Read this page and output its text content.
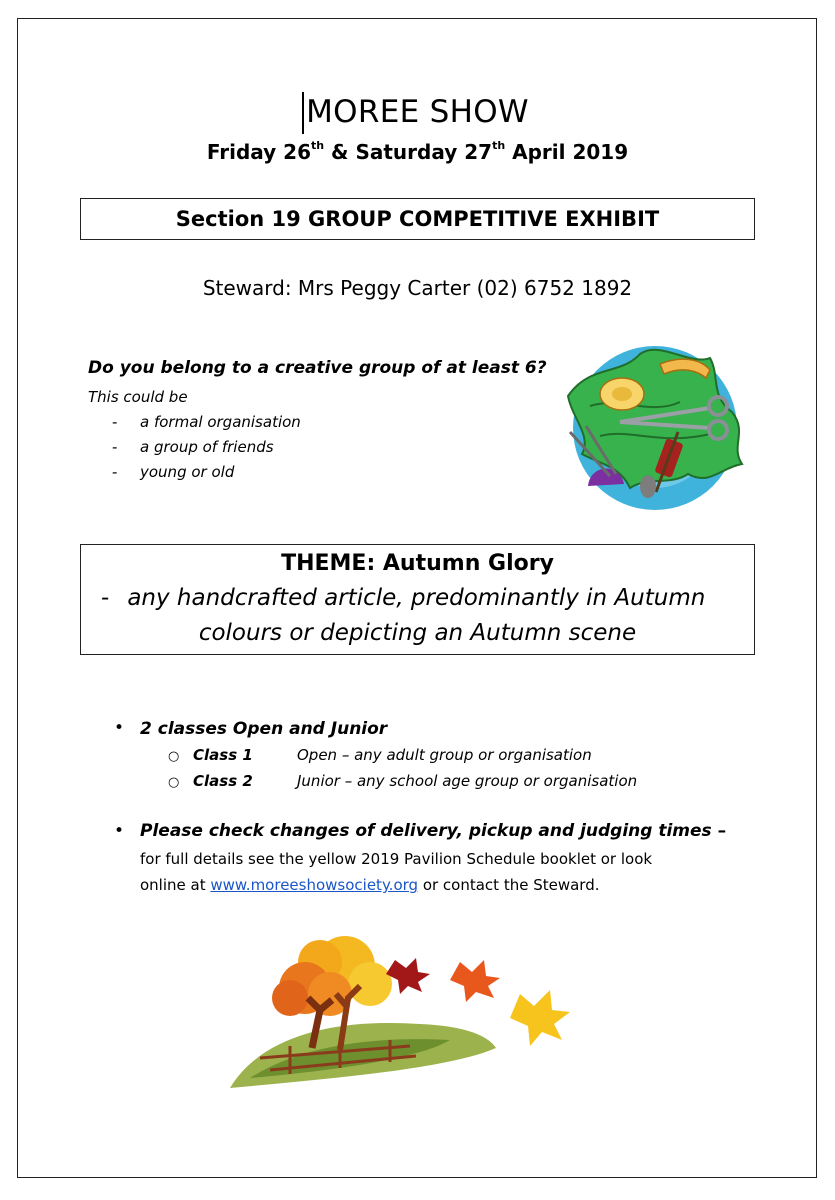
MOREE SHOW
Friday 26th & Saturday 27th April 2019
Section 19 GROUP COMPETITIVE EXHIBIT
Steward: Mrs Peggy Carter (02) 6752 1892
Do you belong to a creative group of at least 6?
This could be
- a formal organisation
- a group of friends
- young or old
THEME: Autumn Glory
- any handcrafted article, predominantly in Autumn
colours or depicting an Autumn scene
• 2 classes Open and Junior
○ Class 1	Open – any adult group or organisation
○ Class 2	Junior – any school age group or organisation
• Please check changes of delivery, pickup and judging times –
for full details see the yellow 2019 Pavilion Schedule booklet or look
online at www.moreeshowsociety.org or contact the Steward.
